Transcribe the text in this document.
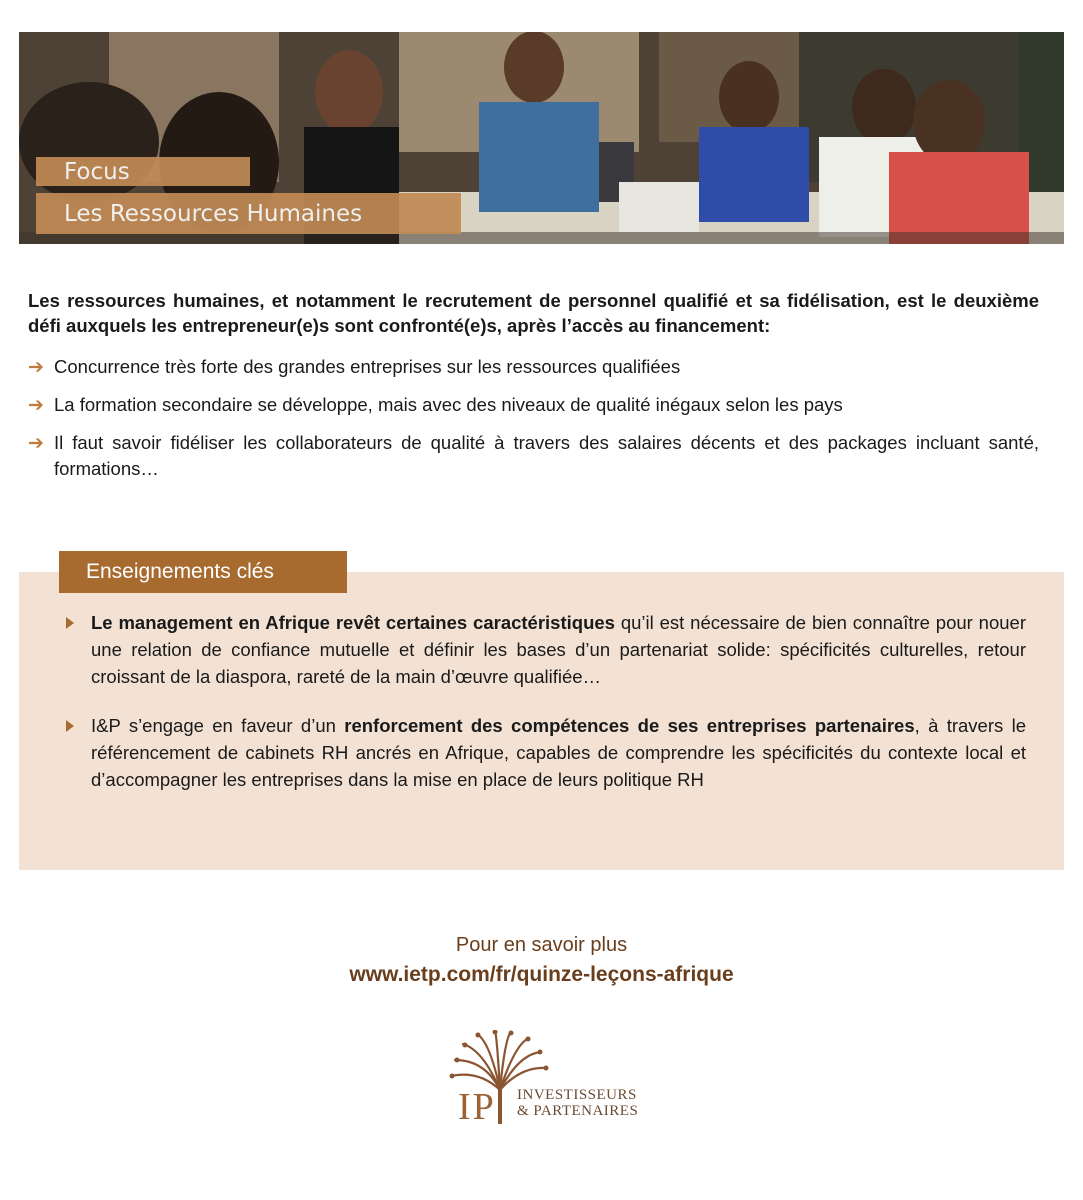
Focus
Les Ressources Humaines
Les ressources humaines, et notamment le recrutement de personnel qualifié et sa fidélisation, est le deuxième défi auxquels les entrepreneur(e)s sont confronté(e)s, après l’accès au financement:
➔ Concurrence très forte des grandes entreprises sur les ressources qualifiées
➔ La formation secondaire se développe, mais avec des niveaux de qualité inégaux selon les pays
➔ Il faut savoir fidéliser les collaborateurs de qualité à travers des salaires décents et des packages incluant santé, formations…
Enseignements clés
Le management en Afrique revêt certaines caractéristiques qu’il est nécessaire de bien connaître pour nouer une relation de confiance mutuelle et définir les bases d’un partenariat solide: spécificités culturelles, retour croissant de la diaspora, rareté de la main d’œuvre qualifiée…
I&P s’engage en faveur d’un renforcement des compétences de ses entreprises partenaires, à travers le référencement de cabinets RH ancrés en Afrique, capables de comprendre les spécificités du contexte local et d’accompagner les entreprises dans la mise en place de leurs politique RH
Pour en savoir plus
www.ietp.com/fr/quinze-leçons-afrique
IP INVESTISSEURS
& PARTENAIRES
